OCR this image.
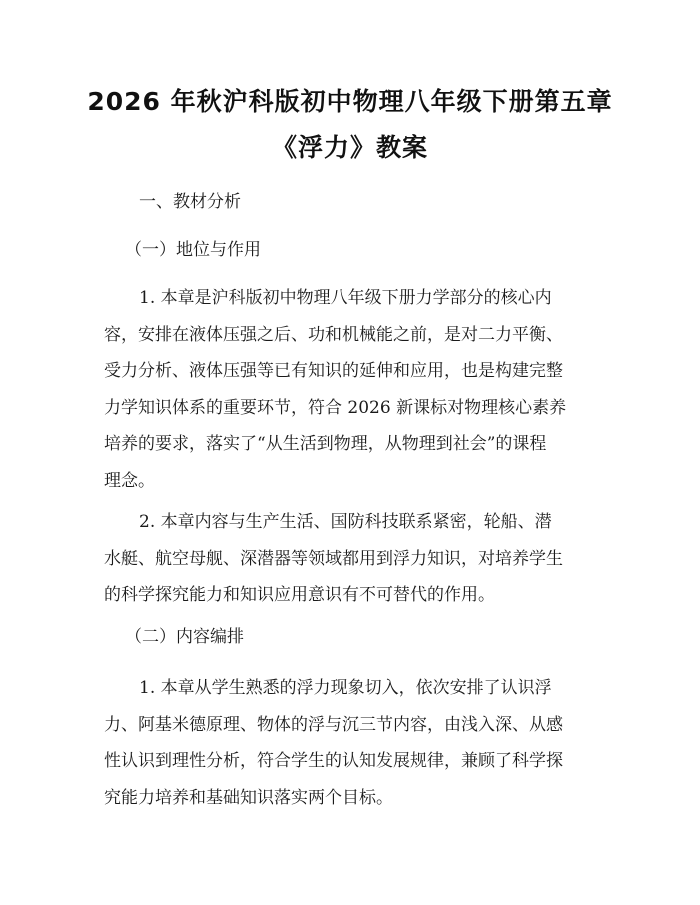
2026 年秋沪科版初中物理八年级下册第五章
《浮力》教案
一、教材分析
（一）地位与作用
1. 本章是沪科版初中物理八年级下册力学部分的核心内
容，安排在液体压强之后、功和机械能之前，是对二力平衡、
受力分析、液体压强等已有知识的延伸和应用，也是构建完整
力学知识体系的重要环节，符合 2026 新课标对物理核心素养
培养的要求，落实了“从生活到物理，从物理到社会”的课程
理念。
2. 本章内容与生产生活、国防科技联系紧密，轮船、潜
水艇、航空母舰、深潜器等领域都用到浮力知识，对培养学生
的科学探究能力和知识应用意识有不可替代的作用。
（二）内容编排
1. 本章从学生熟悉的浮力现象切入，依次安排了认识浮
力、阿基米德原理、物体的浮与沉三节内容，由浅入深、从感
性认识到理性分析，符合学生的认知发展规律，兼顾了科学探
究能力培养和基础知识落实两个目标。
